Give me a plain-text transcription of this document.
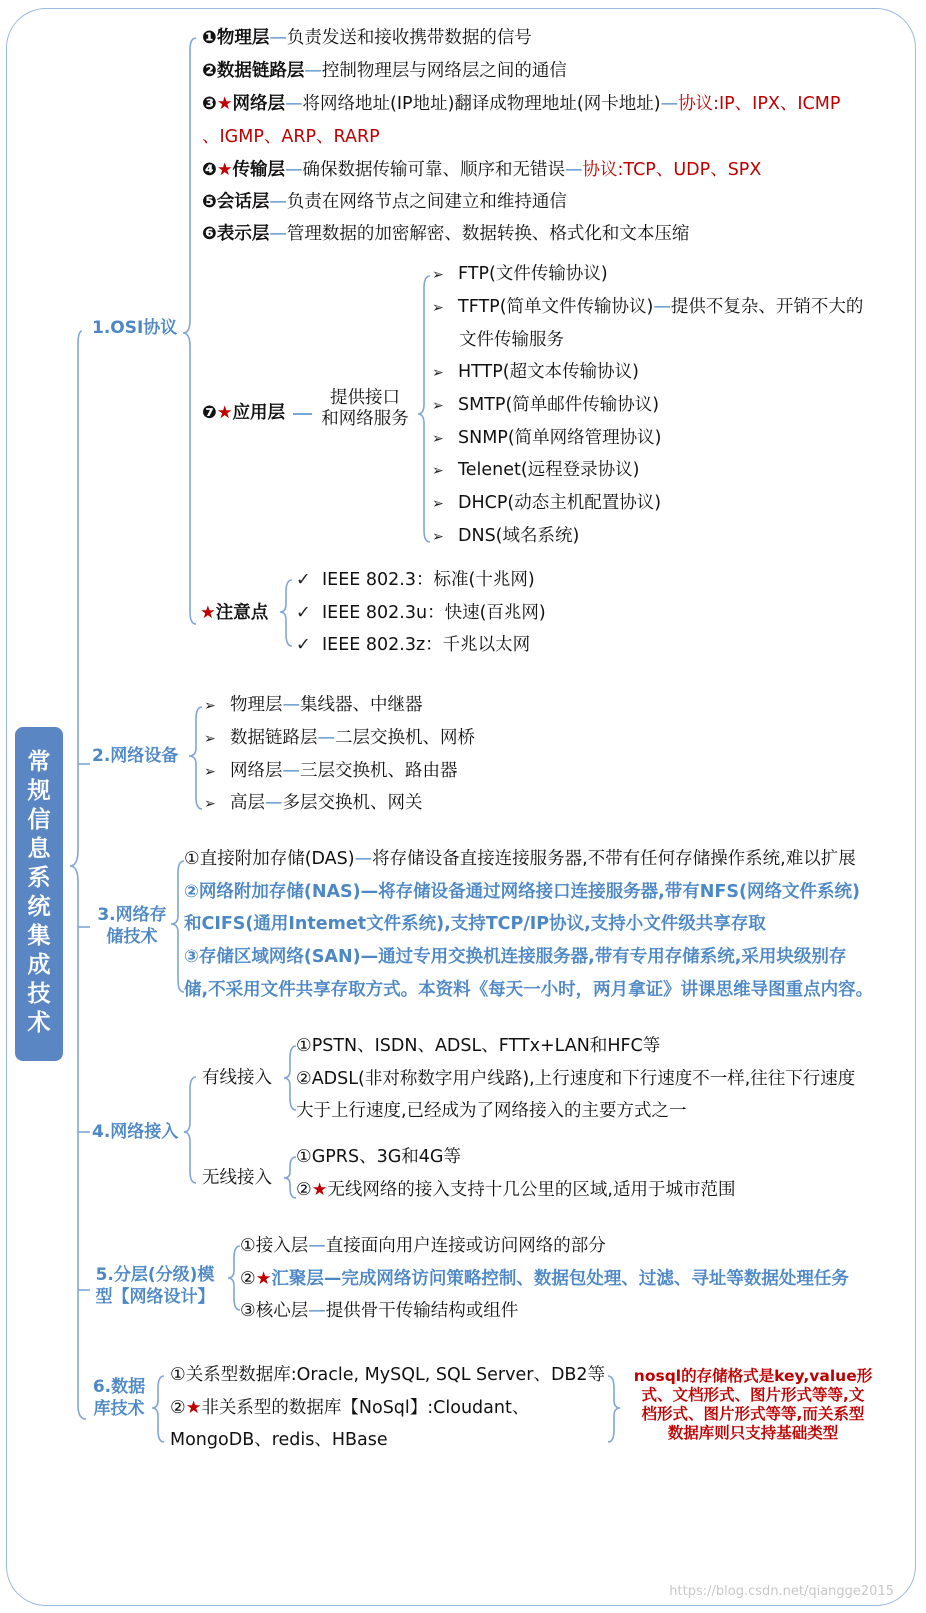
常
规
信
息
系
统
集
成
技
术
1.OSI协议
❶物理层—负责发送和接收携带数据的信号
❷数据链路层—控制物理层与网络层之间的通信
❸★网络层—将网络地址(IP地址)翻译成物理地址(网卡地址)—协议:IP、IPX、ICMP
、IGMP、ARP、RARP
❹★传输层—确保数据传输可靠、顺序和无错误—协议:TCP、UDP、SPX
❺会话层—负责在网络节点之间建立和维持通信
❻表示层—管理数据的加密解密、数据转换、格式化和文本压缩
❼★应用层
提供接口
和网络服务
➢ FTP(文件传输协议)
➢ TFTP(简单文件传输协议)—提供不复杂、开销不大的
➢ HTTP(超文本传输协议)
➢ SMTP(简单邮件传输协议)
➢ SNMP(简单网络管理协议)
➢ Telenet(远程登录协议)
➢ DHCP(动态主机配置协议)
➢ DNS(域名系统)
文件传输服务
★注意点
✓ IEEE 802.3：标准(十兆网)
✓ IEEE 802.3u：快速(百兆网)
✓ IEEE 802.3z：千兆以太网
2.网络设备
➢ 物理层—集线器、中继器
➢ 数据链路层—二层交换机、网桥
➢ 网络层—三层交换机、路由器
➢ 高层—多层交换机、网关
3.网络存
储技术
①直接附加存储(DAS)—将存储设备直接连接服务器,不带有任何存储操作系统,难以扩展
②网络附加存储(NAS)—将存储设备通过网络接口连接服务器,带有NFS(网络文件系统)
和CIFS(通用Intemet文件系统),支持TCP/IP协议,支持小文件级共享存取
③存储区域网络(SAN)—通过专用交换机连接服务器,带有专用存储系统,采用块级别存
储,不采用文件共享存取方式。本资料《每天一小时，两月拿证》讲课思维导图重点内容。
4.网络接入
有线接入
①PSTN、ISDN、ADSL、FTTx+LAN和HFC等
②ADSL(非对称数字用户线路),上行速度和下行速度不一样,往往下行速度
大于上行速度,已经成为了网络接入的主要方式之一
无线接入
①GPRS、3G和4G等
②★无线网络的接入支持十几公里的区域,适用于城市范围
5.分层(分级)模
型【网络设计】
①接入层—直接面向用户连接或访问网络的部分
②★汇聚层—完成网络访问策略控制、数据包处理、过滤、寻址等数据处理任务
③核心层—提供骨干传输结构或组件
6.数据
库技术
①关系型数据库:Oracle, MySQL, SQL Server、DB2等
②★非关系型的数据库【NoSql】:Cloudant、
MongoDB、redis、HBase
nosql的存储格式是key,value形
式、文档形式、图片形式等等,文
档形式、图片形式等等,而关系型
数据库则只支持基础类型
https://blog.csdn.net/qiangge2015
